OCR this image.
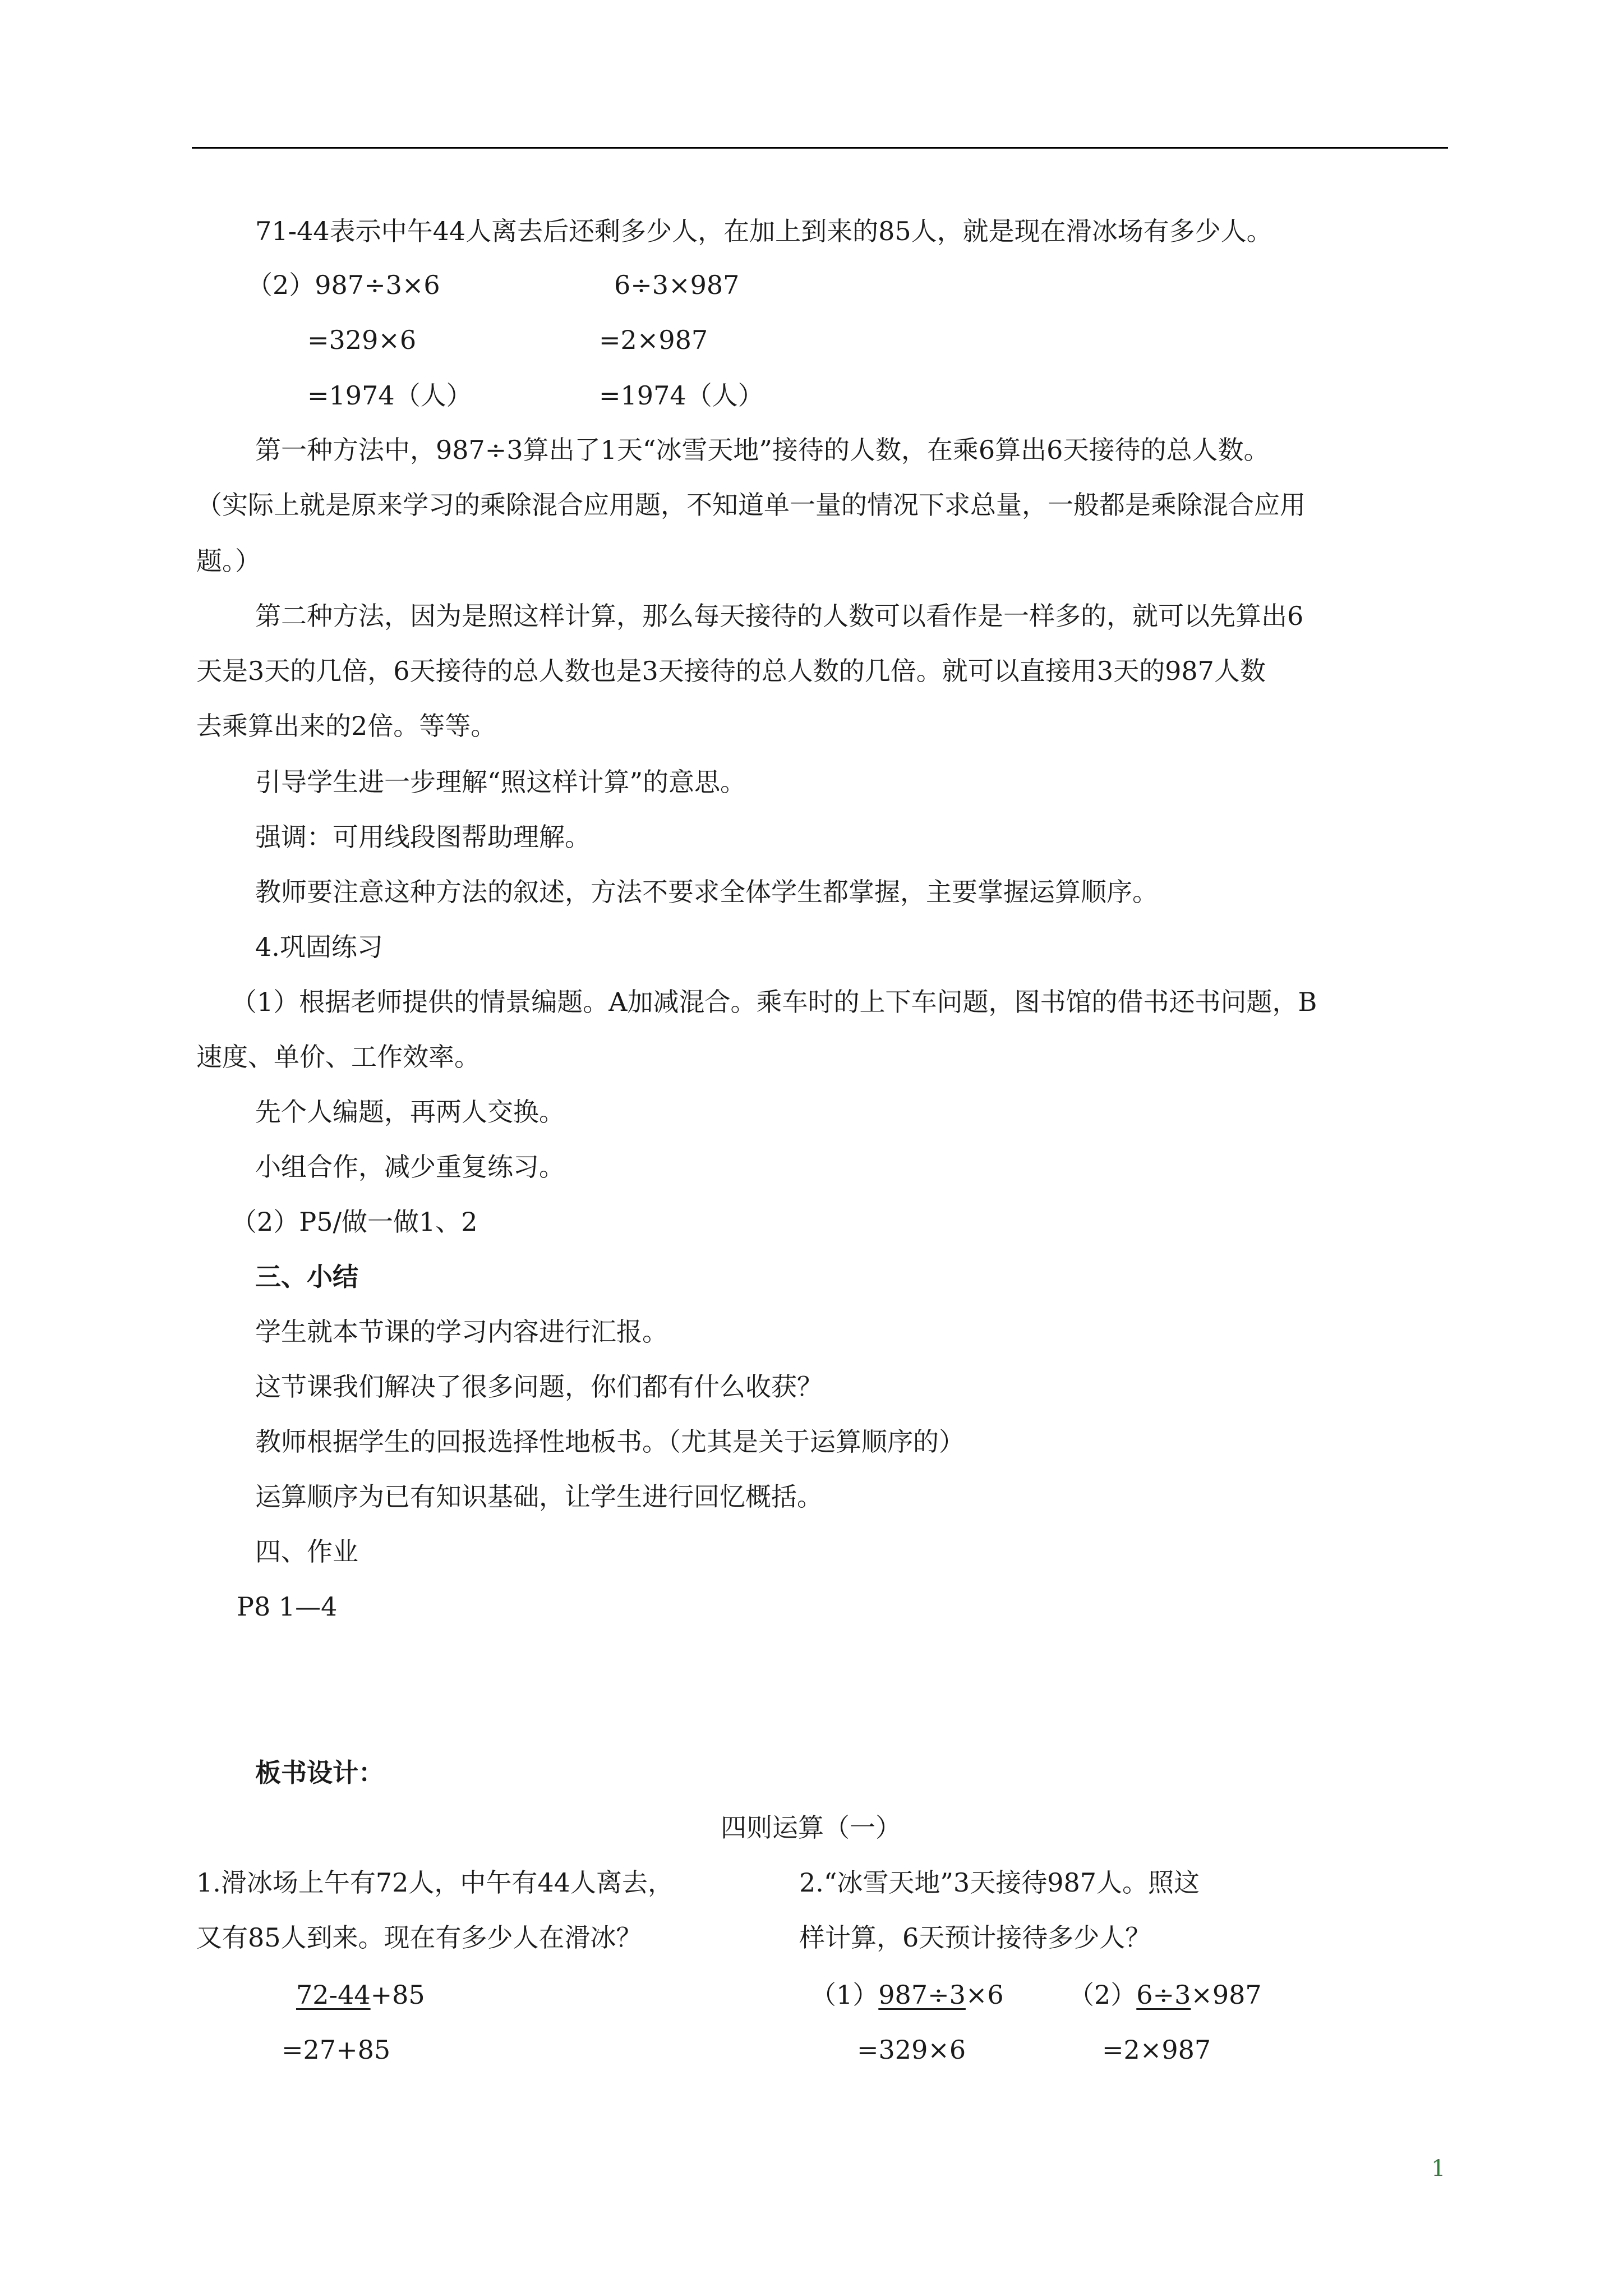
71-44表示中午44人离去后还剩多少人，在加上到来的85人，就是现在滑冰场有多少人。
（2）987÷3×6	6÷3×987
=329×6	=2×987
=1974（人）	=1974（人）
第一种方法中，987÷3算出了1天“冰雪天地”接待的人数，在乘6算出6天接待的总人数。
（实际上就是原来学习的乘除混合应用题，不知道单一量的情况下求总量，一般都是乘除混合应用
题。）
第二种方法，因为是照这样计算，那么每天接待的人数可以看作是一样多的，就可以先算出6
天是3天的几倍，6天接待的总人数也是3天接待的总人数的几倍。就可以直接用3天的987人数
去乘算出来的2倍。等等。
引导学生进一步理解“照这样计算”的意思。
强调：可用线段图帮助理解。
教师要注意这种方法的叙述，方法不要求全体学生都掌握，主要掌握运算顺序。
4.巩固练习
（1）根据老师提供的情景编题。A加减混合。乘车时的上下车问题，图书馆的借书还书问题，B
速度、单价、工作效率。
先个人编题，再两人交换。
小组合作，减少重复练习。
（2）P5/做一做1、2
三、小结
学生就本节课的学习内容进行汇报。
这节课我们解决了很多问题，你们都有什么收获？
教师根据学生的回报选择性地板书。（尤其是关于运算顺序的）
运算顺序为已有知识基础，让学生进行回忆概括。
四、作业
P8 1—4
板书设计：
四则运算（一）
1.滑冰场上午有72人，中午有44人离去，
又有85人到来。现在有多少人在滑冰？
72-44+85
=27+85
2.“冰雪天地”3天接待987人。照这
样计算，6天预计接待多少人？
（1）987÷3×6	（2）6÷3×987
=329×6	=2×987
1
